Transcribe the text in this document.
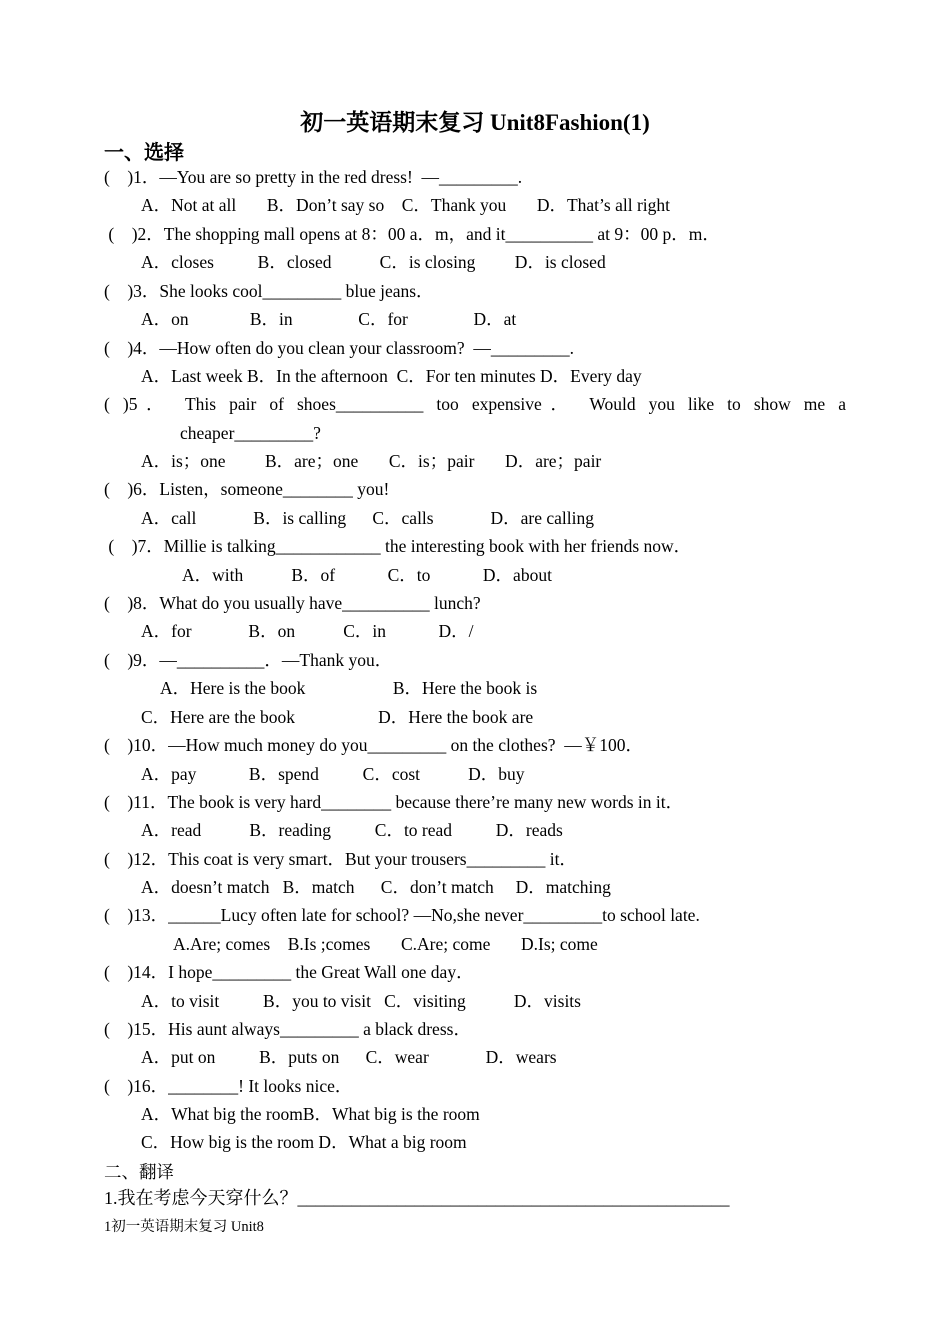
初一英语期末复习 Unit8Fashion(1)
一、选择
(    )1．—You are so pretty in the red dress!  —_________.
A．Not at all       B．Don’t say so    C．Thank you       D．That’s all right
(    )2．The shopping mall opens at 8：00 a．m，and it__________ at 9：00 p．m．
A．closes          B．closed           C．is closing         D．is closed
(    )3．She looks cool_________ blue jeans．
A．on              B．in               C．for               D．at
(    )4．—How often do you clean your classroom?  —_________.
A．Last week B．In the afternoon  C．For ten minutes D．Every day
( )5． This pair of shoes__________ too expensive． Would you like to show me a
cheaper_________?
A．is；one         B．are；one       C．is；pair       D．are；pair
(    )6．Listen，someone________ you!
A．call             B．is calling      C．calls             D．are calling
(    )7．Millie is talking____________ the interesting book with her friends now．
A．with           B．of            C．to            D．about
(    )8．What do you usually have__________ lunch?
A．for             B．on           C．in            D．/
(    )9．—__________．—Thank you．
A．Here is the book                    B．Here the book is
C．Here are the book                   D．Here the book are
(    )10．—How much money do you_________ on the clothes?  —￥100．
A．pay            B．spend          C．cost           D．buy
(    )11．The book is very hard________ because there’re many new words in it．
A．read           B．reading          C．to read          D．reads
(    )12．This coat is very smart．But your trousers_________ it．
A．doesn’t match   B．match      C．don’t match     D．matching
(    )13．______Lucy often late for school? —No,she never_________to school late.
A.Are; comes    B.Is ;comes       C.Are; come       D.Is; come
(    )14．I hope_________ the Great Wall one day．
A．to visit          B．you to visit   C．visiting           D．visits
(    )15．His aunt always_________ a black dress．
A．put on          B．puts on      C．wear             D．wears
(    )16．________! It looks nice．
A．What big the roomB．What big is the room
C．How big is the room D．What a big room
二、翻译
1.我在考虑今天穿什么？________________________________________________
1初一英语期末复习 Unit8
